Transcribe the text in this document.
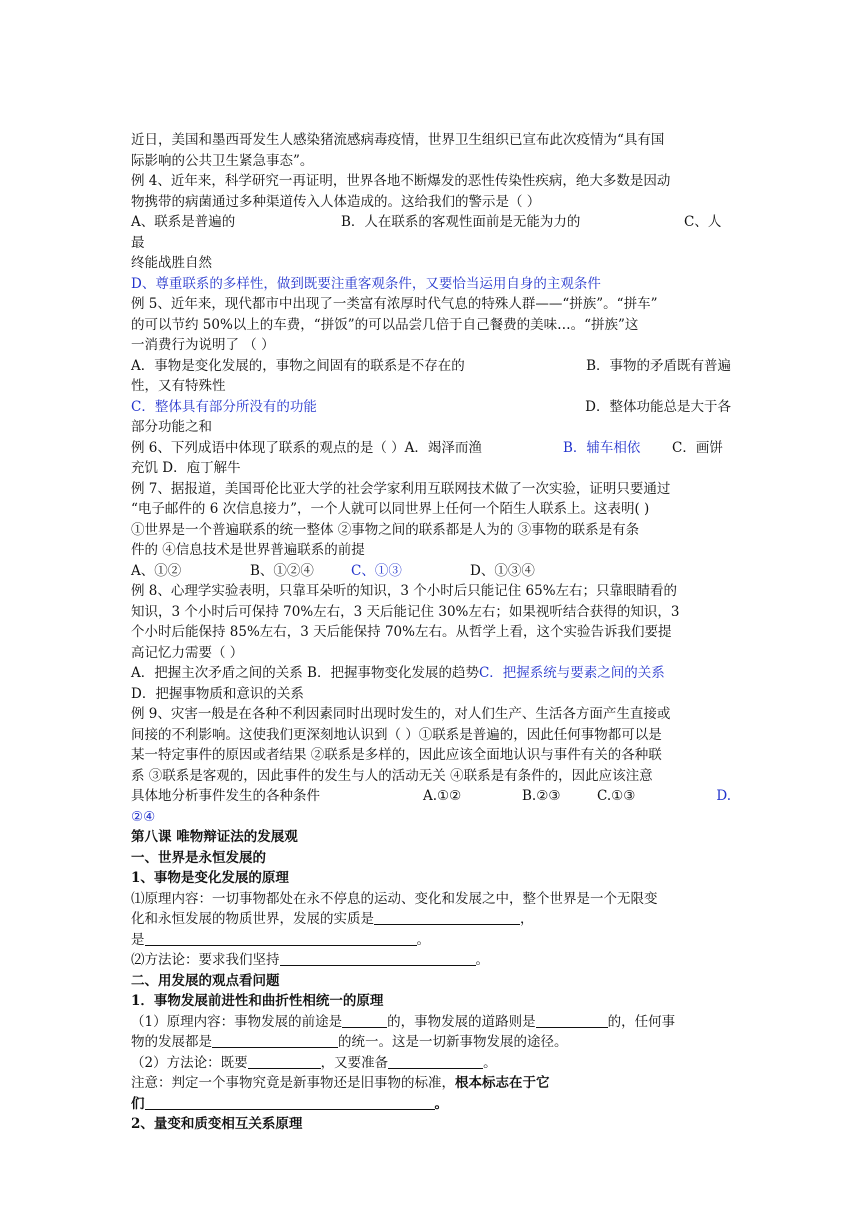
近日，美国和墨西哥发生人感染猪流感病毒疫情，世界卫生组织已宣布此次疫情为“具有国

际影响的公共卫生紧急事态”。

例 4、近年来，科学研究一再证明，世界各地不断爆发的恶性传染性疾病，绝大多数是因动

物携带的病菌通过多种渠道传入人体造成的。这给我们的警示是（ ）

A、联系是普遍的	B．人在联系的客观性面前是无能为力的	C、人最

终能战胜自然

D、尊重联系的多样性，做到既要注重客观条件，又要恰当运用自身的主观条件

例 5、近年来，现代都市中出现了一类富有浓厚时代气息的特殊人群——“拼族”。“拼车”

的可以节约 50%以上的车费，“拼饭”的可以品尝几倍于自己餐费的美味…。“拼族”这

一消费行为说明了 （ ）

A．事物是变化发展的，事物之间固有的联系是不存在的	B．事物的矛盾既有普遍

性，又有特殊性

C．整体具有部分所没有的功能	D．整体功能总是大于各

部分功能之和

例 6、下列成语中体现了联系的观点的是（ ）A．竭泽而渔	B．辅车相依 C．画饼

充饥 D．庖丁解牛

例 7、据报道，美国哥伦比亚大学的社会学家利用互联网技术做了一次实验，证明只要通过

“电子邮件的 6 次信息接力”，一个人就可以同世界上任何一个陌生人联系上。这表明( )

①世界是一个普遍联系的统一整体 ②事物之间的联系都是人为的 ③事物的联系是有条

件的 ④信息技术是世界普遍联系的前提

A、①②	B、①②④	C、①③	D、①③④

例 8、心理学实验表明，只靠耳朵听的知识，3 个小时后只能记住 65%左右；只靠眼睛看的

知识，3 个小时后可保持 70%左右，3 天后能记住 30%左右；如果视听结合获得的知识，3

个小时后能保持 85%左右，3 天后能保持 70%左右。从哲学上看，这个实验告诉我们要提

高记忆力需要（ ）

A．把握主次矛盾之间的关系 B．把握事物变化发展的趋势C．把握系统与要素之间的关系

D．把握事物质和意识的关系

例 9、灾害一般是在各种不利因素同时出现时发生的，对人们生产、生活各方面产生直接或

间接的不利影响。这使我们更深刻地认识到（ ）①联系是普遍的，因此任何事物都可以是

某一特定事件的原因或者结果 ②联系是多样的，因此应该全面地认识与事件有关的各种联

系 ③联系是客观的，因此事件的发生与人的活动无关 ④联系是有条件的，因此应该注意

具体地分析事件发生的各种条件	A.①②	B.②③	C.①③	D.

②④

第八课 唯物辩证法的发展观

一、世界是永恒发展的

1、事物是变化发展的原理

⑴原理内容：一切事物都处在永不停息的运动、变化和发展之中，整个世界是一个无限变

化和永恒发展的物质世界，发展的实质是	，

是	。

⑵方法论：要求我们坚持	。

二、用发展的观点看问题

1．事物发展前进性和曲折性相统一的原理

（1）原理内容：事物发展的前途是	的，事物发展的道路则是	的，任何事

物的发展都是	的统一。这是一切新事物发展的途径。

（2）方法论：既要	，又要准备	。

注意：判定一个事物究竟是新事物还是旧事物的标准，根本标志在于它

们	。

2、量变和质变相互关系原理
